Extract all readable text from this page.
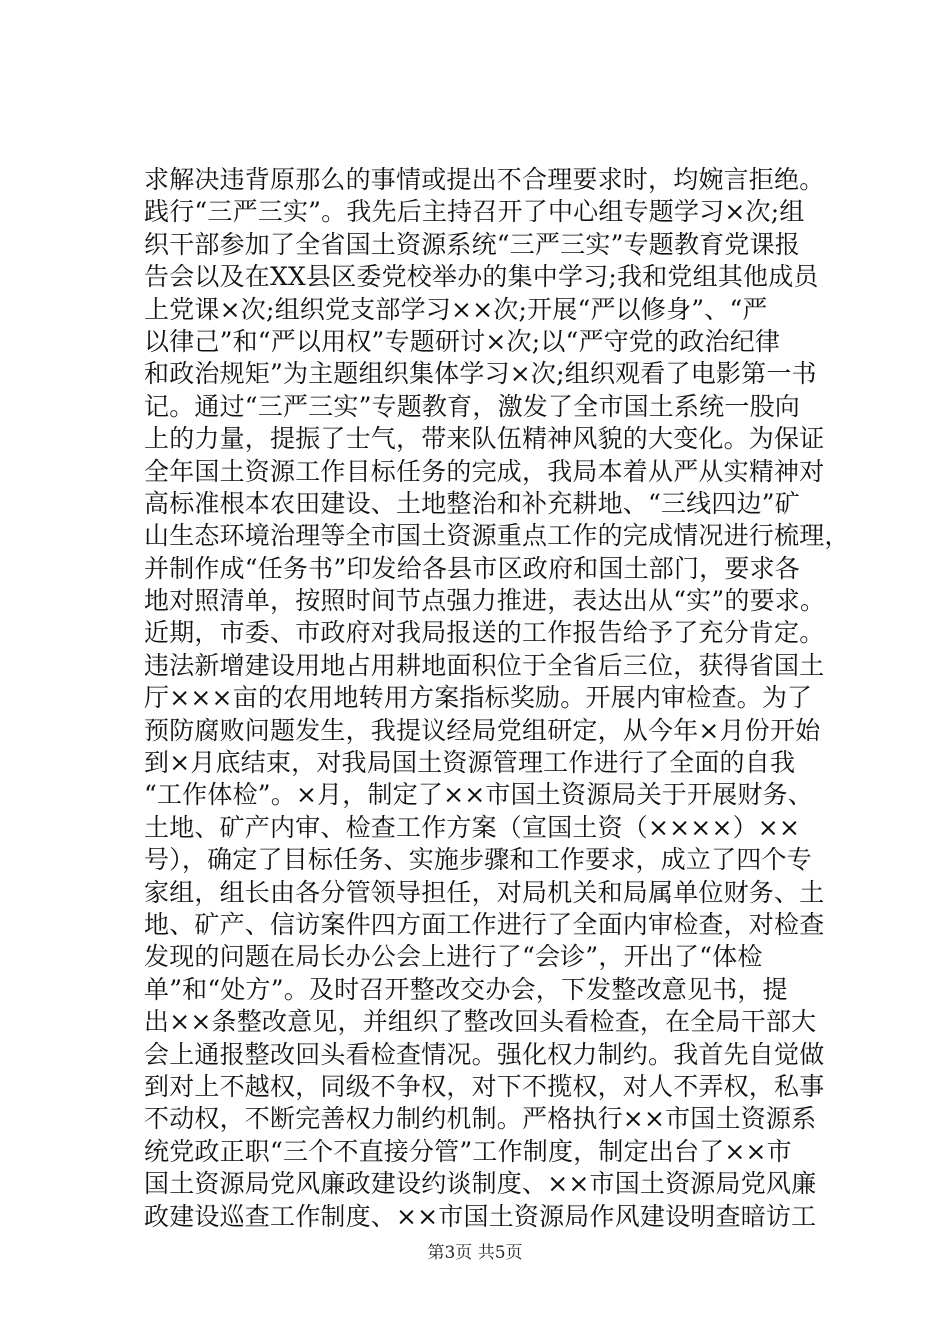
求解决违背原那么的事情或提出不合理要求时，均婉言拒绝。
践行“三严三实”。我先后主持召开了中心组专题学习×次;组
织干部参加了全省国土资源系统“三严三实”专题教育党课报
告会以及在XX县区委党校举办的集中学习;我和党组其他成员
上党课×次;组织党支部学习××次;开展“严以修身”、“严
以律己”和“严以用权”专题研讨×次;以“严守党的政治纪律
和政治规矩”为主题组织集体学习×次;组织观看了电影第一书
记。通过“三严三实”专题教育，激发了全市国土系统一股向
上的力量，提振了士气，带来队伍精神风貌的大变化。为保证
全年国土资源工作目标任务的完成，我局本着从严从实精神对
高标准根本农田建设、土地整治和补充耕地、“三线四边”矿
山生态环境治理等全市国土资源重点工作的完成情况进行梳理，
并制作成“任务书”印发给各县市区政府和国土部门，要求各
地对照清单，按照时间节点强力推进，表达出从“实”的要求。
近期，市委、市政府对我局报送的工作报告给予了充分肯定。
违法新增建设用地占用耕地面积位于全省后三位，获得省国土
厅×××亩的农用地转用方案指标奖励。开展内审检查。为了
预防腐败问题发生，我提议经局党组研定，从今年×月份开始
到×月底结束，对我局国土资源管理工作进行了全面的自我
“工作体检”。×月，制定了××市国土资源局关于开展财务、
土地、矿产内审、检查工作方案（宣国土资（××××）××
号），确定了目标任务、实施步骤和工作要求，成立了四个专
家组，组长由各分管领导担任，对局机关和局属单位财务、土
地、矿产、信访案件四方面工作进行了全面内审检查，对检查
发现的问题在局长办公会上进行了“会诊”，开出了“体检
单”和“处方”。及时召开整改交办会，下发整改意见书，提
出××条整改意见，并组织了整改回头看检查，在全局干部大
会上通报整改回头看检查情况。强化权力制约。我首先自觉做
到对上不越权，同级不争权，对下不揽权，对人不弄权，私事
不动权，不断完善权力制约机制。严格执行××市国土资源系
统党政正职“三个不直接分管”工作制度，制定出台了××市
国土资源局党风廉政建设约谈制度、××市国土资源局党风廉
政建设巡查工作制度、××市国土资源局作风建设明查暗访工
第3页 共5页
